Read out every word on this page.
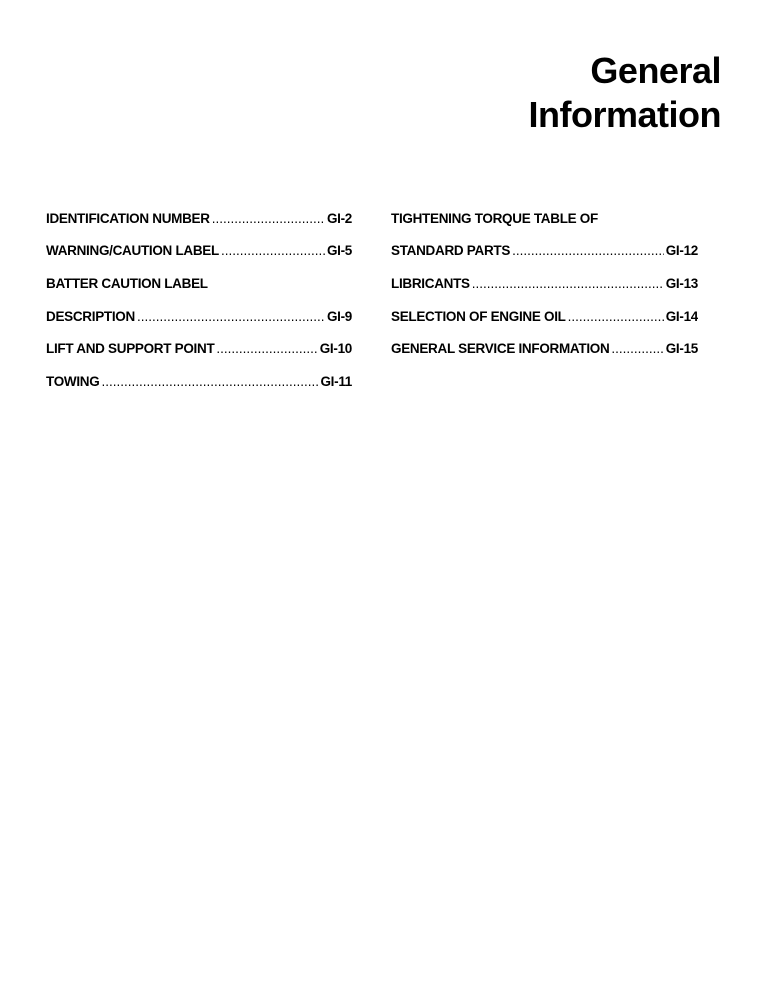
General
Information
IDENTIFICATION NUMBER .....	GI-2
WARNING/CAUTION LABEL .....	GI-5
BATTER CAUTION LABEL
DESCRIPTION .....	GI-9
LIFT AND SUPPORT POINT .....	GI-10
TOWING .....	GI-11
TIGHTENING TORQUE TABLE OF
STANDARD PARTS .....	GI-12
LIBRICANTS .....	GI-13
SELECTION OF ENGINE OIL .....	GI-14
GENERAL SERVICE INFORMATION .....	GI-15
